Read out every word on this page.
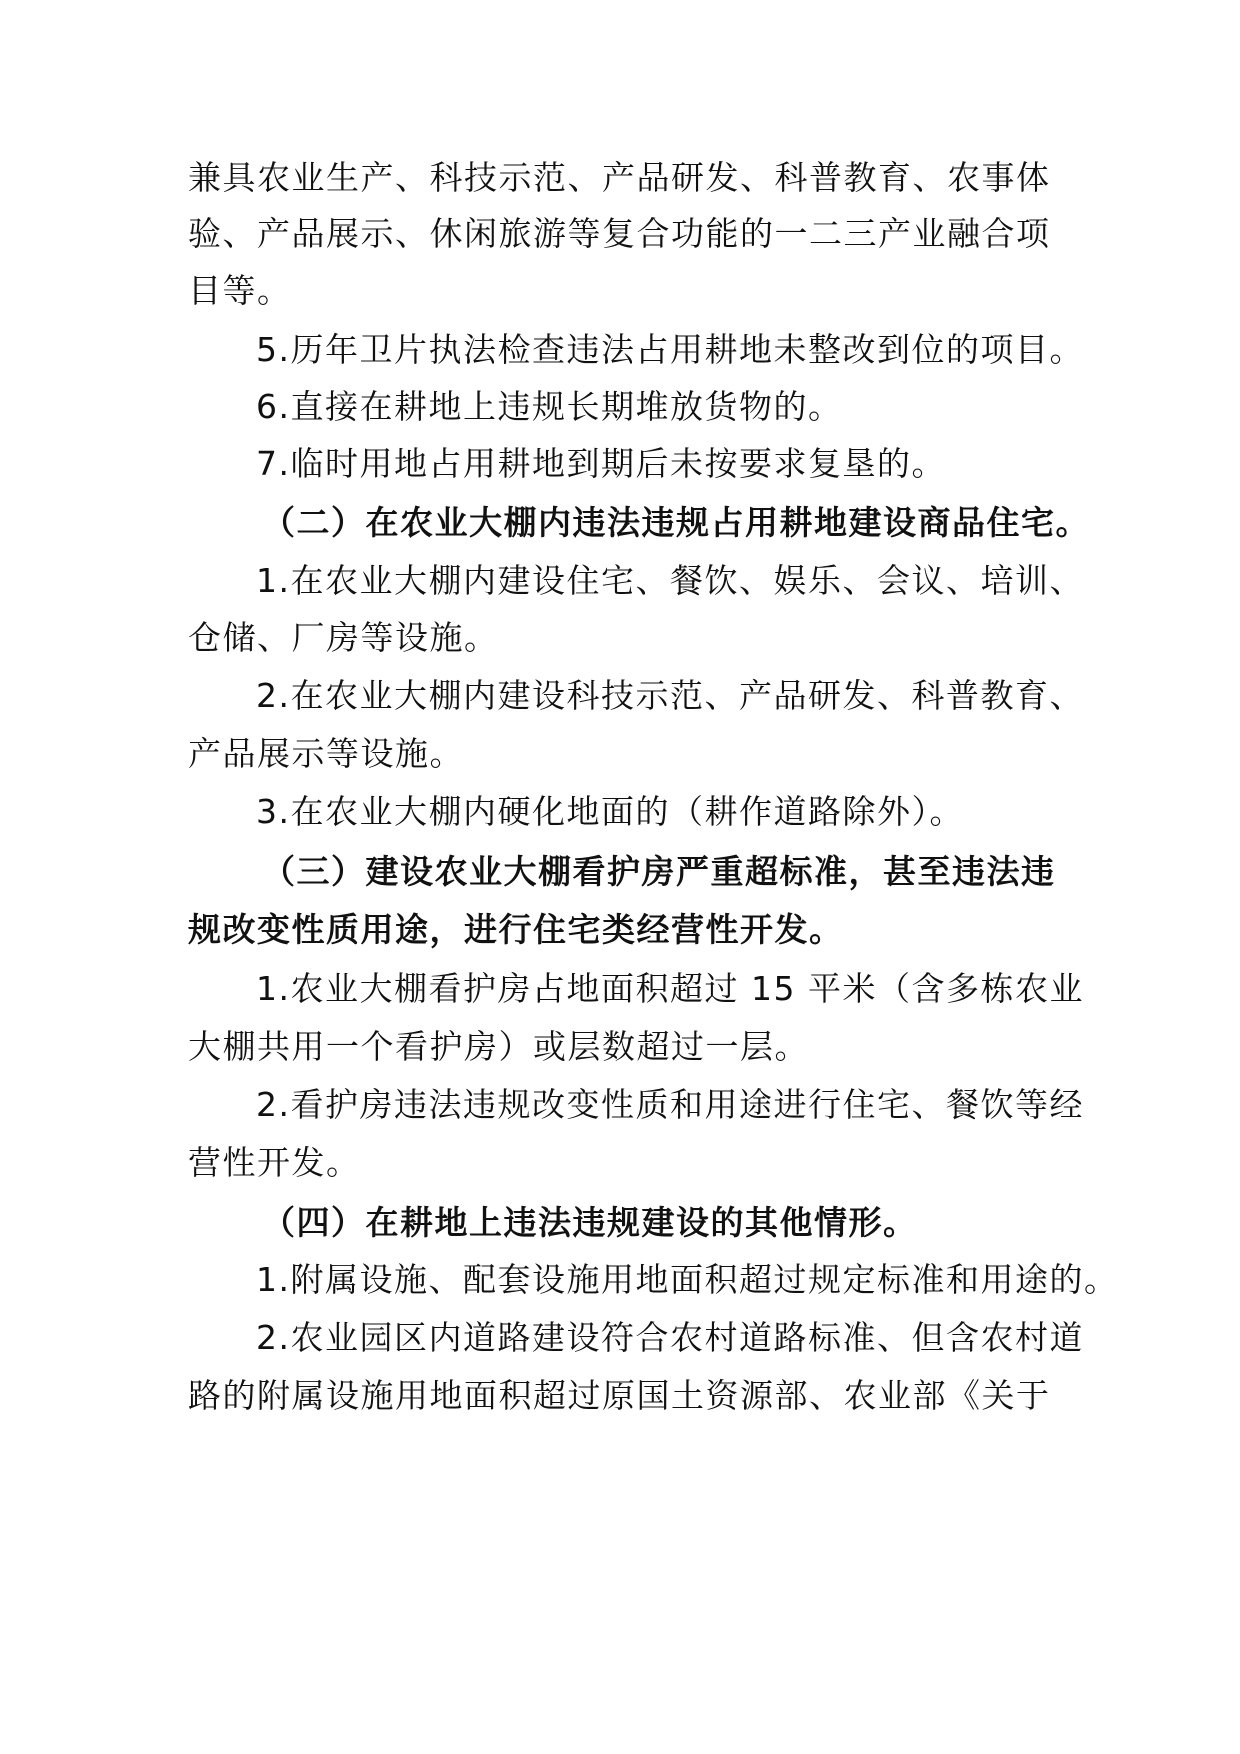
兼具农业生产、科技示范、产品研发、科普教育、农事体
验、产品展示、休闲旅游等复合功能的一二三产业融合项
目等。
5.历年卫片执法检查违法占用耕地未整改到位的项目。
6.直接在耕地上违规长期堆放货物的。
7.临时用地占用耕地到期后未按要求复垦的。
（二）在农业大棚内违法违规占用耕地建设商品住宅。
1.在农业大棚内建设住宅、餐饮、娱乐、会议、培训、
仓储、厂房等设施。
2.在农业大棚内建设科技示范、产品研发、科普教育、
产品展示等设施。
3.在农业大棚内硬化地面的（耕作道路除外）。
（三）建设农业大棚看护房严重超标准，甚至违法违
规改变性质用途，进行住宅类经营性开发。
1.农业大棚看护房占地面积超过 15 平米（含多栋农业
大棚共用一个看护房）或层数超过一层。
2.看护房违法违规改变性质和用途进行住宅、餐饮等经
营性开发。
（四）在耕地上违法违规建设的其他情形。
1.附属设施、配套设施用地面积超过规定标准和用途的。
2.农业园区内道路建设符合农村道路标准、但含农村道
路的附属设施用地面积超过原国土资源部、农业部《关于
